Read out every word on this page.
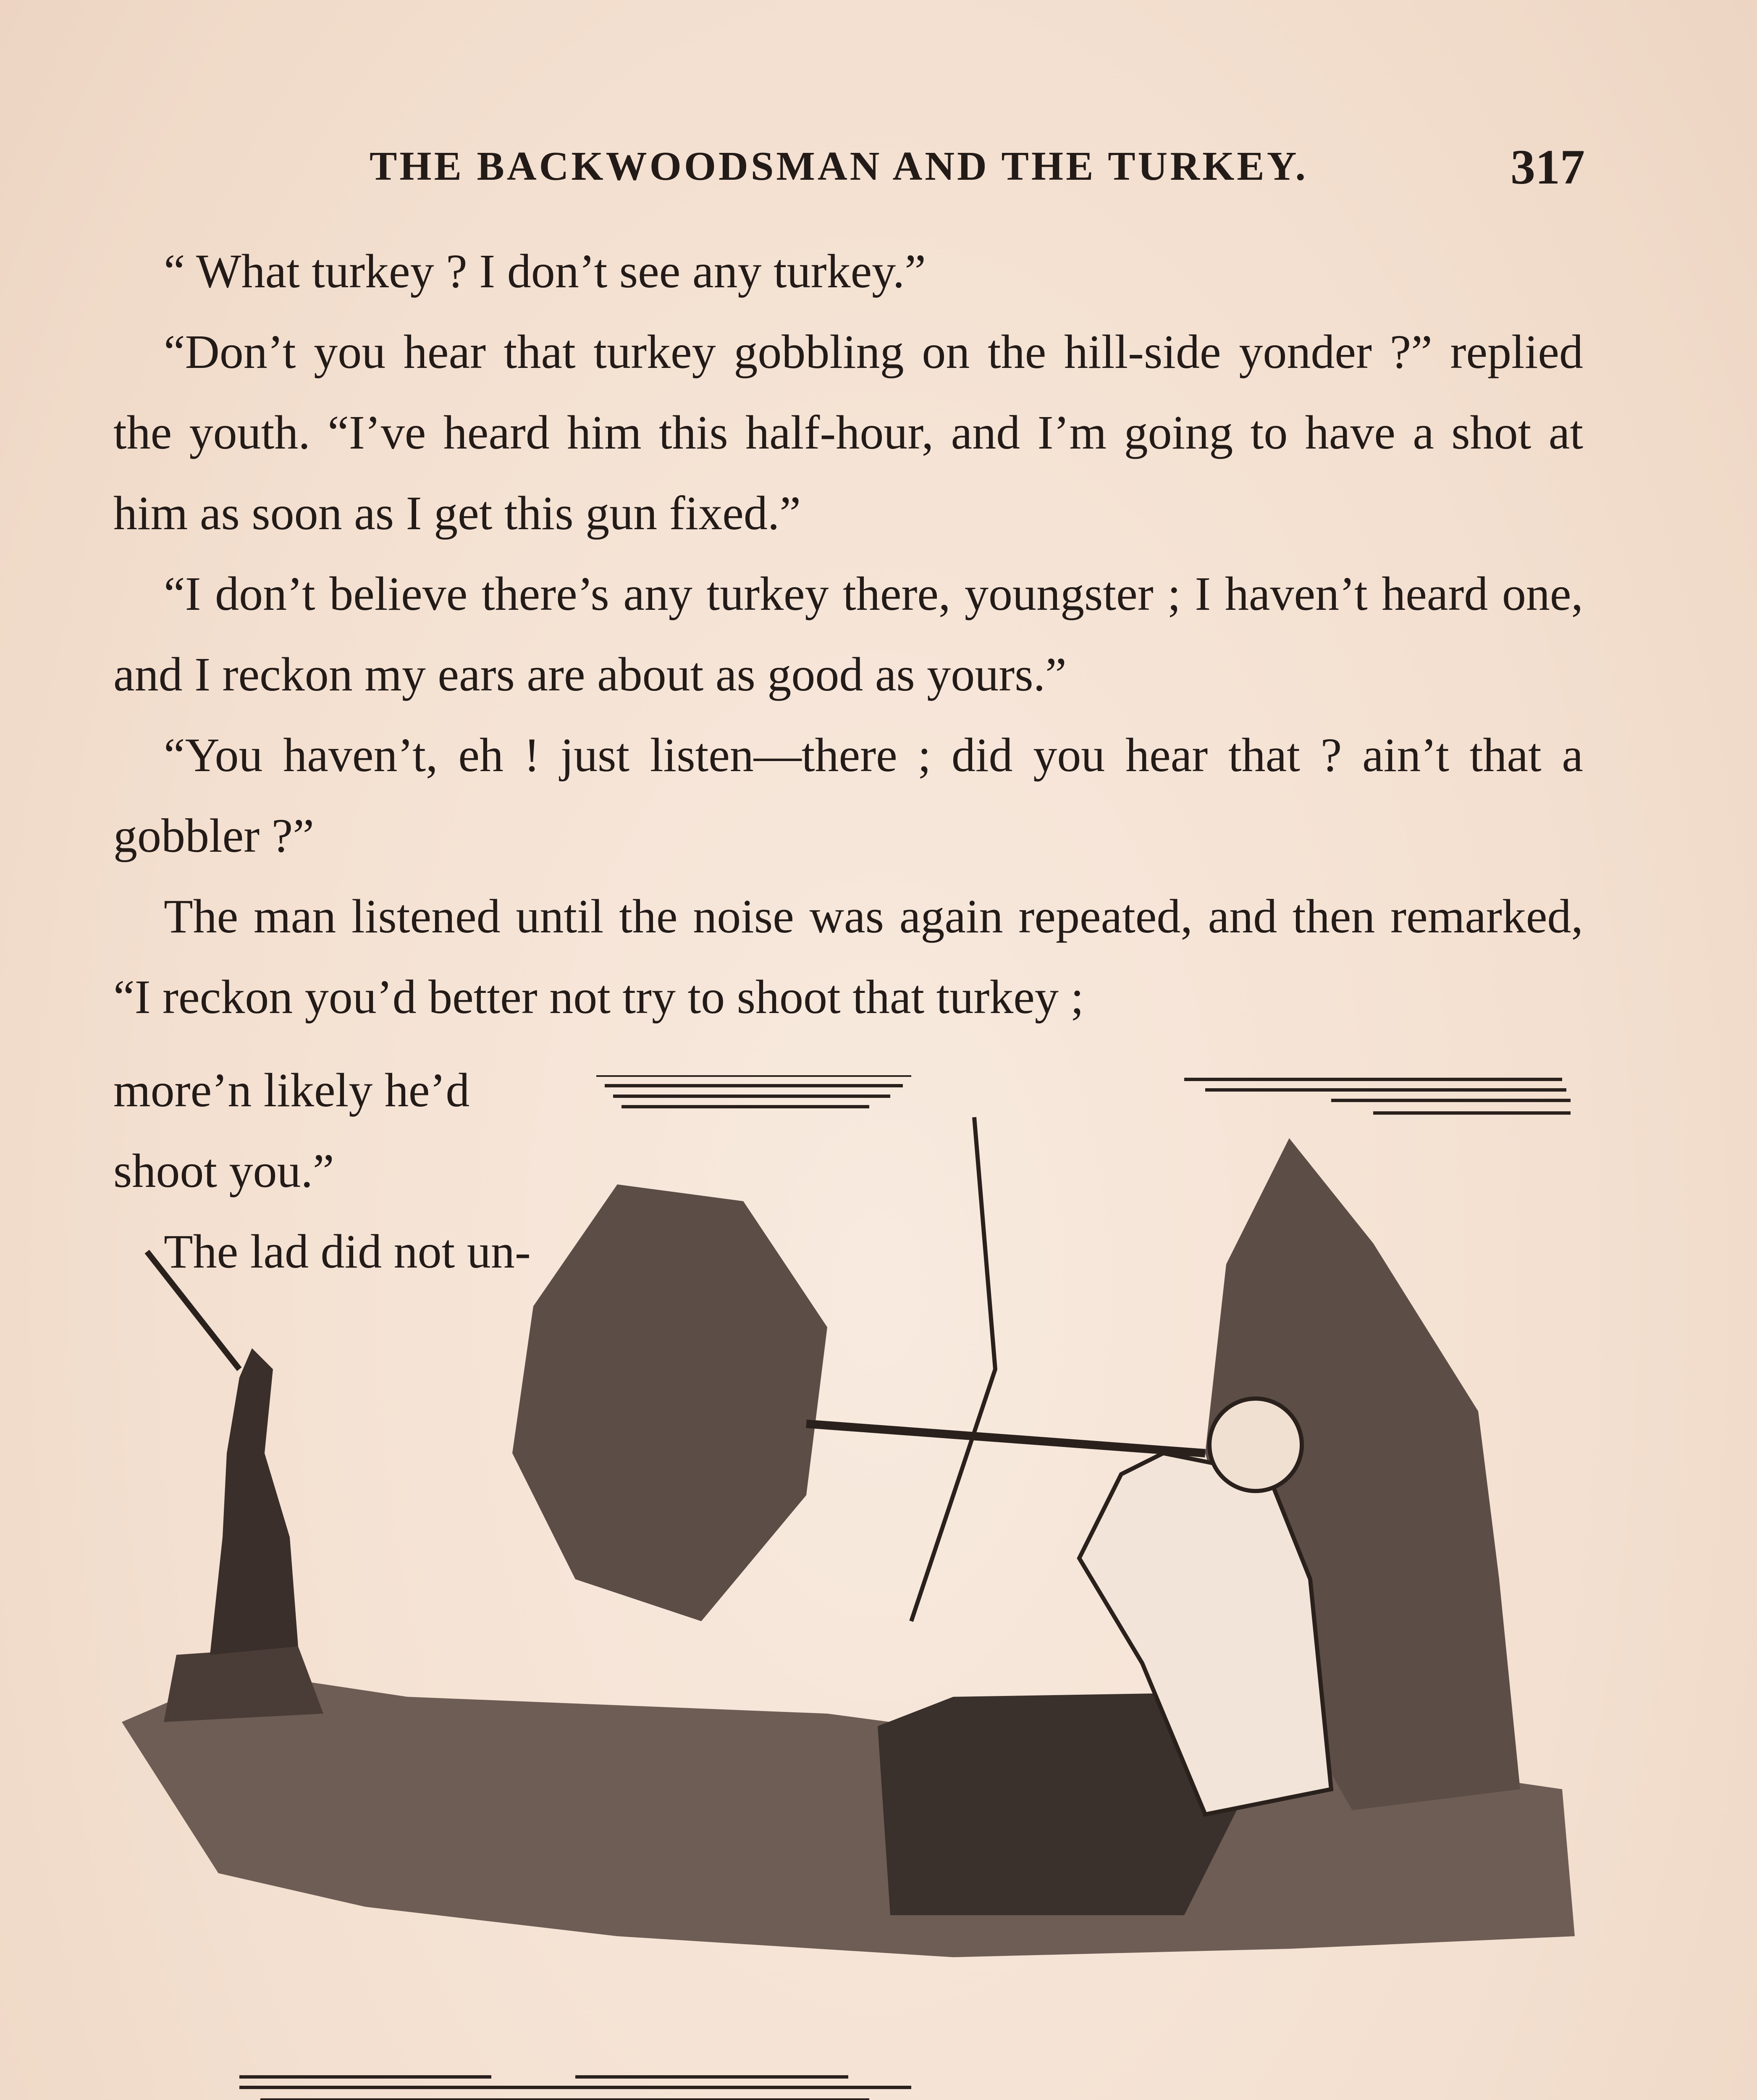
THE BACKWOODSMAN AND THE TURKEY.	317

“ What turkey ? I don’t see any turkey.”

“Don’t you hear that turkey gobbling on the hill-side yonder ?” replied the youth. “I’ve heard him this half-hour, and I’m going to have a shot at him as soon as I get this gun fixed.”

“I don’t believe there’s any turkey there, youngster ; I haven’t heard one, and I reckon my ears are about as good as yours.”

“You haven’t, eh ! just listen—there ; did you hear that ? ain’t that a gobbler ?”

The man listened until the noise was again repeated, and then remarked, “I reckon you’d better not try to shoot that turkey ;

more’n likely he’d
shoot you.”
The lad did not un-
